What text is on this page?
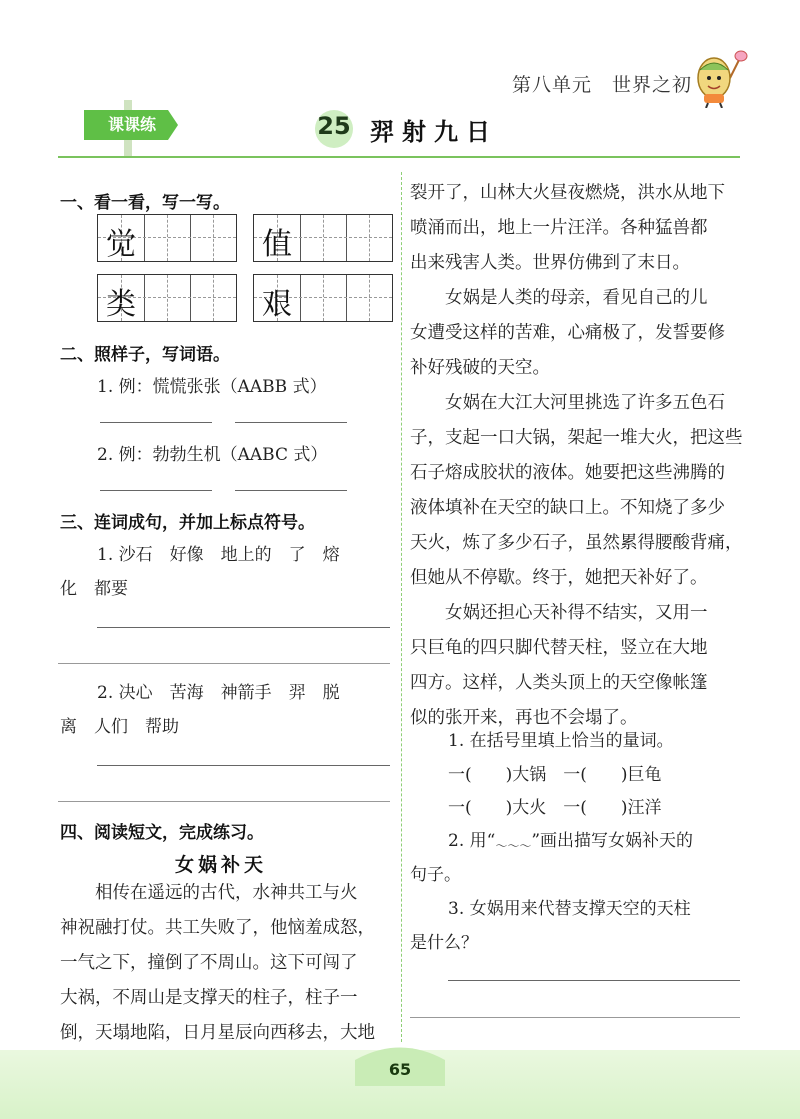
第八单元　世界之初
课课练	25 羿射九日
一、看一看，写一写。
觉	值
类	艰
二、照样子，写词语。
1. 例：慌慌张张（AABB 式）
2. 例：勃勃生机（AABC 式）
三、连词成句，并加上标点符号。
1. 沙石　好像　地上的　了　熔
化　都要
2. 决心　苦海　神箭手　羿　脱
离　人们　帮助
四、阅读短文，完成练习。
女娲补天
　　相传在遥远的古代，水神共工与火
神祝融打仗。共工失败了，他恼羞成怒，
一气之下，撞倒了不周山。这下可闯了
大祸，不周山是支撑天的柱子，柱子一
倒，天塌地陷，日月星辰向西移去，大地
裂开了，山林大火昼夜燃烧，洪水从地下
喷涌而出，地上一片汪洋。各种猛兽都
出来残害人类。世界仿佛到了末日。
　　女娲是人类的母亲，看见自己的儿
女遭受这样的苦难，心痛极了，发誓要修
补好残破的天空。
　　女娲在大江大河里挑选了许多五色石
子，支起一口大锅，架起一堆大火，把这些
石子熔成胶状的液体。她要把这些沸腾的
液体填补在天空的缺口上。不知烧了多少
天火，炼了多少石子，虽然累得腰酸背痛，
但她从不停歇。终于，她把天补好了。
　　女娲还担心天补得不结实，又用一
只巨龟的四只脚代替天柱，竖立在大地
四方。这样，人类头顶上的天空像帐篷
似的张开来，再也不会塌了。
1. 在括号里填上恰当的量词。
一(　　)大锅　一(　　)巨龟
一(　　)大火　一(　　)汪洋
2. 用“$_{\sim\sim\sim}$”画出描写女娲补天的
句子。
3. 女娲用来代替支撑天空的天柱
是什么？
65
